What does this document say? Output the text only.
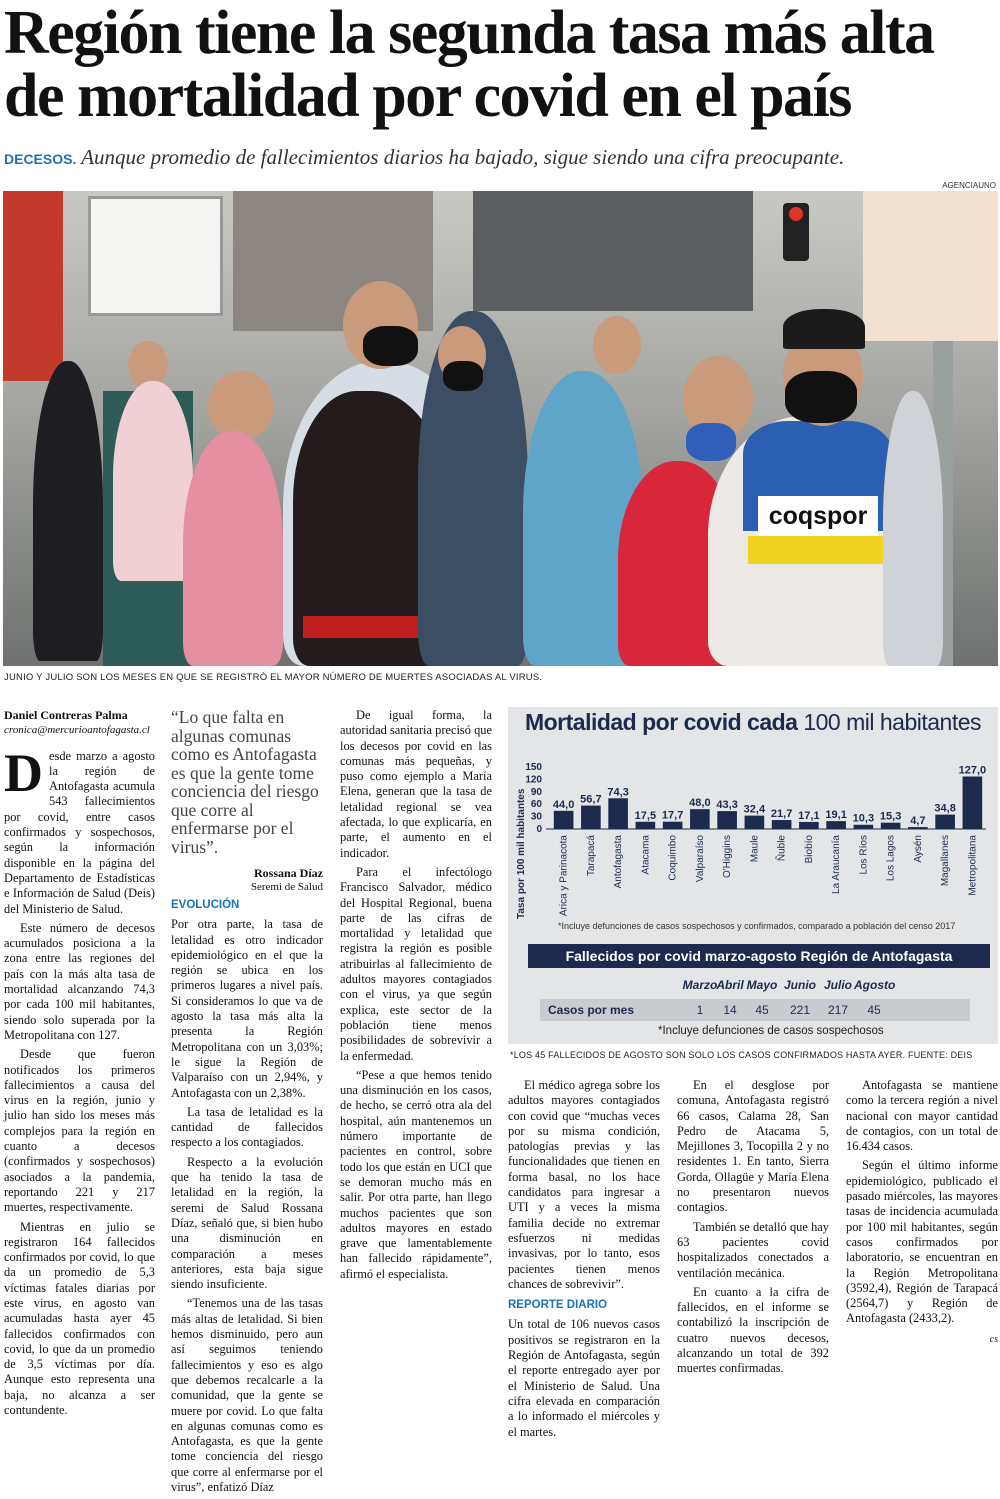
Región tiene la segunda tasa más alta de mortalidad por covid en el país
DECESOS. Aunque promedio de fallecimientos diarios ha bajado, sigue siendo una cifra preocupante.
AGENCIAUNO
coqspor
JUNIO Y JULIO SON LOS MESES EN QUE SE REGISTRÓ EL MAYOR NÚMERO DE MUERTES ASOCIADAS AL VIRUS.
Daniel Contreras Palma
cronica@mercurioantofagasta.cl

Desde marzo a agosto la región de Antofagasta acumula 543 fallecimientos por covid, entre casos confirmados y sospechosos, según la información disponible en la página del Departamento de Estadísticas e Información de Salud (Deis) del Ministerio de Salud.

Este número de decesos acumulados posiciona a la zona entre las regiones del país con la más alta tasa de mortalidad alcanzando 74,3 por cada 100 mil habitantes, siendo solo superada por la Metropolitana con 127.

Desde que fueron notificados los primeros fallecimientos a causa del virus en la región, junio y julio han sido los meses más complejos para la región en cuanto a decesos (confirmados y sospechosos) asociados a la pandemia, reportando 221 y 217 muertes, respectivamente.

Mientras en julio se registraron 164 fallecidos confirmados por covid, lo que da un promedio de 5,3 víctimas fatales diarias por este virus, en agosto van acumuladas hasta ayer 45 fallecidos confirmados con covid, lo que da un promedio de 3,5 víctimas por día. Aunque esto representa una baja, no alcanza a ser contundente.

“Lo que falta en algunas comunas como es Antofagasta es que la gente tome conciencia del riesgo que corre al enfermarse por el virus”.
Rossana Díaz
Seremi de Salud

EVOLUCIÓN

Por otra parte, la tasa de letalidad es otro indicador epidemiológico en el que la región se ubica en los primeros lugares a nivel país. Si consideramos lo que va de agosto la tasa más alta la presenta la Región Metropolitana con un 3,03%; le sigue la Región de Valparaíso con un 2,94%, y Antofagasta con un 2,38%.

La tasa de letalidad es la cantidad de fallecidos respecto a los contagiados.

Respecto a la evolución que ha tenido la tasa de letalidad en la región, la seremi de Salud Rossana Díaz, señaló que, si bien hubo una disminución en comparación a meses anteriores, esta baja sigue siendo insuficiente.

“Tenemos una de las tasas más altas de letalidad. Si bien hemos disminuido, pero aun así seguimos teniendo fallecimientos y eso es algo que debemos recalcarle a la comunidad, que la gente se muere por covid. Lo que falta en algunas comunas como es Antofagasta, es que la gente tome conciencia del riesgo que corre al enfermarse por el virus”, enfatizó Díaz

De igual forma, la autoridad sanitaria precisó que los decesos por covid en las comunas más pequeñas, y puso como ejemplo a María Elena, generan que la tasa de letalidad regional se vea afectada, lo que explicaría, en parte, el aumento en el indicador.

Para el infectólogo Francisco Salvador, médico del Hospital Regional, buena parte de las cifras de mortalidad y letalidad que registra la región es posible atribuirlas al fallecimiento de adultos mayores contagiados con el virus, ya que según explica, este sector de la población tiene menos posibilidades de sobrevivir a la enfermedad.

“Pese a que hemos tenido una disminución en los casos, de hecho, se cerró otra ala del hospital, aún mantenemos un número importante de pacientes en control, sobre todo los que están en UCI que se demoran mucho más en salir. Por otra parte, han llego muchos pacientes que son adultos mayores en estado grave que lamentablemente han fallecido rápidamente”, afirmó el especialista.

Mortalidad por covid cada 100 mil habitantes
0
30
60
90
120
150
Tasa por 100 mil habitantes 44,0
Arica y Parinacota
56,7
Tarapacá
74,3
Antofagasta
17,5
Atacama
17,7
Coquimbo
48,0
Valparaíso
43,3
O'Higgins
32,4
Maule
21,7
Ñuble
17,1
Biobío
19,1
La Araucanía
10,3
Los Ríos
15,3
Los Lagos
4,7
Aysén
34,8
Magallanes
127,0
Metropolitana
*Incluye defunciones de casos sospechosos y confirmados, comparado a población del censo 2017
Fallecidos por covid marzo-agosto Región de Antofagasta
Marzo Abril Mayo Junio Julio Agosto
Casos por mes	1	14	45	221	217	45
*Incluye defunciones de casos sospechosos
*LOS 45 FALLECIDOS DE AGOSTO SON SOLO LOS CASOS CONFIRMADOS HASTA AYER. FUENTE: DEIS

El médico agrega sobre los adultos mayores contagiados con covid que “muchas veces por su misma condición, patologías previas y las funcionalidades que tienen en forma basal, no los hace candidatos para ingresar a UTI y a veces la misma familia decide no extremar esfuerzos ni medidas invasivas, por lo tanto, esos pacientes tienen menos chances de sobrevivir”.

REPORTE DIARIO

Un total de 106 nuevos casos positivos se registraron en la Región de Antofagasta, según el reporte entregado ayer por el Ministerio de Salud. Una cifra elevada en comparación a lo informado el miércoles y el martes.

En el desglose por comuna, Antofagasta registró 66 casos, Calama 28, San Pedro de Atacama 5, Mejillones 3, Tocopilla 2 y no residentes 1. En tanto, Sierra Gorda, Ollagüe y María Elena no presentaron nuevos contagios.

También se detalló que hay 63 pacientes covid hospitalizados conectados a ventilación mecánica.

En cuanto a la cifra de fallecidos, en el informe se contabilizó la inscripción de cuatro nuevos decesos, alcanzando un total de 392 muertes confirmadas.

Antofagasta se mantiene como la tercera región a nivel nacional con mayor cantidad de contagios, con un total de 16.434 casos.

Según el último informe epidemiológico, publicado el pasado miércoles, las mayores tasas de incidencia acumulada por 100 mil habitantes, según casos confirmados por laboratorio, se encuentran en la Región Metropolitana (3592,4), Región de Tarapacá (2564,7) y Región de Antofagasta (2433,2).

cs
